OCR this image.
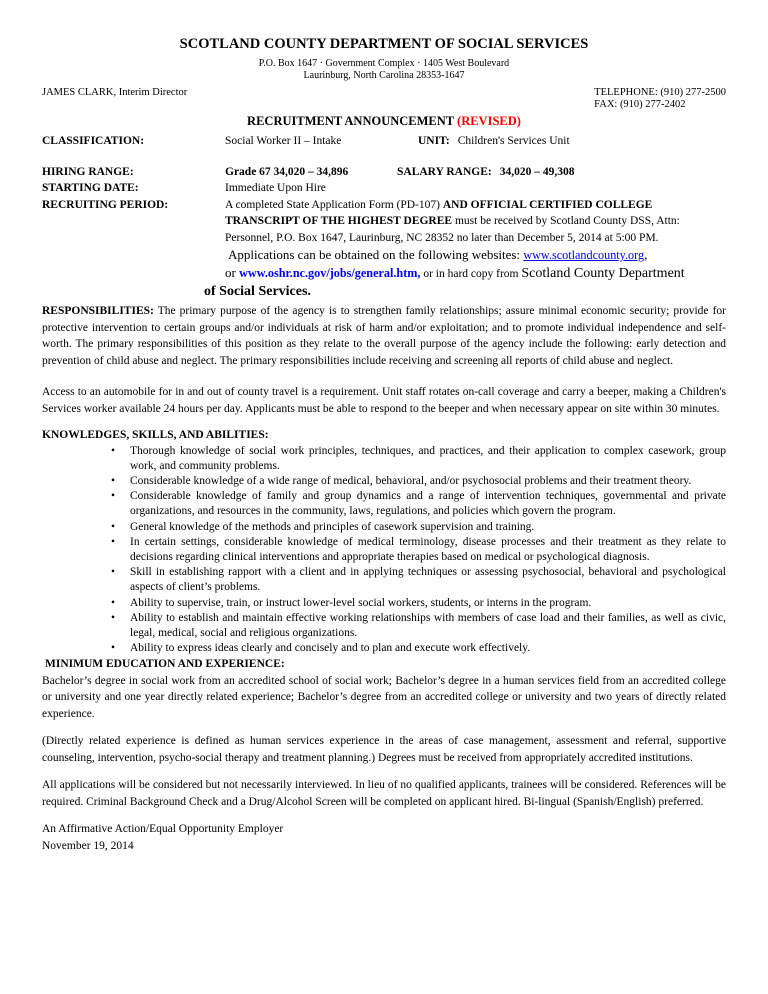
SCOTLAND COUNTY DEPARTMENT OF SOCIAL SERVICES
P.O. Box 1647 · Government Complex · 1405 West Boulevard
Laurinburg, North Carolina 28353-1647
JAMES CLARK, Interim Director	TELEPHONE: (910) 277-2500
FAX: (910) 277-2402
RECRUITMENT ANNOUNCEMENT (REVISED)
CLASSIFICATION:	Social Worker II – Intake	UNIT: Children's Services Unit
HIRING RANGE:	Grade 67 34,020 – 34,896	SALARY RANGE: 34,020 – 49,308
STARTING DATE:	Immediate Upon Hire
RECRUITING PERIOD:	A completed State Application Form (PD-107) AND OFFICIAL CERTIFIED COLLEGE TRANSCRIPT OF THE HIGHEST DEGREE must be received by Scotland County DSS, Attn: Personnel, P.O. Box 1647, Laurinburg, NC 28352 no later than December 5, 2014 at 5:00 PM.
Applications can be obtained on the following websites: www.scotlandcounty.org,
or www.oshr.nc.gov/jobs/general.htm, or in hard copy from Scotland County Department
of Social Services.

RESPONSIBILITIES: The primary purpose of the agency is to strengthen family relationships; assure minimal economic security; provide for protective intervention to certain groups and/or individuals at risk of harm and/or exploitation; and to promote individual independence and self-worth. The primary responsibilities of this position as they relate to the overall purpose of the agency include the following: early detection and prevention of child abuse and neglect. The primary responsibilities include receiving and screening all reports of child abuse and neglect.

Access to an automobile for in and out of county travel is a requirement. Unit staff rotates on-call coverage and carry a beeper, making a Children's Services worker available 24 hours per day. Applicants must be able to respond to the beeper and when necessary appear on site within 30 minutes.

KNOWLEDGES, SKILLS, AND ABILITIES:

• Thorough knowledge of social work principles, techniques, and practices, and their application to complex casework, group work, and community problems.
• Considerable knowledge of a wide range of medical, behavioral, and/or psychosocial problems and their treatment theory.
• Considerable knowledge of family and group dynamics and a range of intervention techniques, governmental and private organizations, and resources in the community, laws, regulations, and policies which govern the program.
• General knowledge of the methods and principles of casework supervision and training.
• In certain settings, considerable knowledge of medical terminology, disease processes and their treatment as they relate to decisions regarding clinical interventions and appropriate therapies based on medical or psychological diagnosis.
• Skill in establishing rapport with a client and in applying techniques or assessing psychosocial, behavioral and psychological aspects of client’s problems.
• Ability to supervise, train, or instruct lower-level social workers, students, or interns in the program.
• Ability to establish and maintain effective working relationships with members of case load and their families, as well as civic, legal, medical, social and religious organizations.
• Ability to express ideas clearly and concisely and to plan and execute work effectively.

MINIMUM EDUCATION AND EXPERIENCE:

Bachelor’s degree in social work from an accredited school of social work; Bachelor’s degree in a human services field from an accredited college or university and one year directly related experience; Bachelor’s degree from an accredited college or university and two years of directly related experience.

(Directly related experience is defined as human services experience in the areas of case management, assessment and referral, supportive counseling, intervention, psycho-social therapy and treatment planning.) Degrees must be received from appropriately accredited institutions.

All applications will be considered but not necessarily interviewed. In lieu of no qualified applicants, trainees will be considered. References will be required. Criminal Background Check and a Drug/Alcohol Screen will be completed on applicant hired. Bi-lingual (Spanish/English) preferred.

An Affirmative Action/Equal Opportunity Employer
November 19, 2014
